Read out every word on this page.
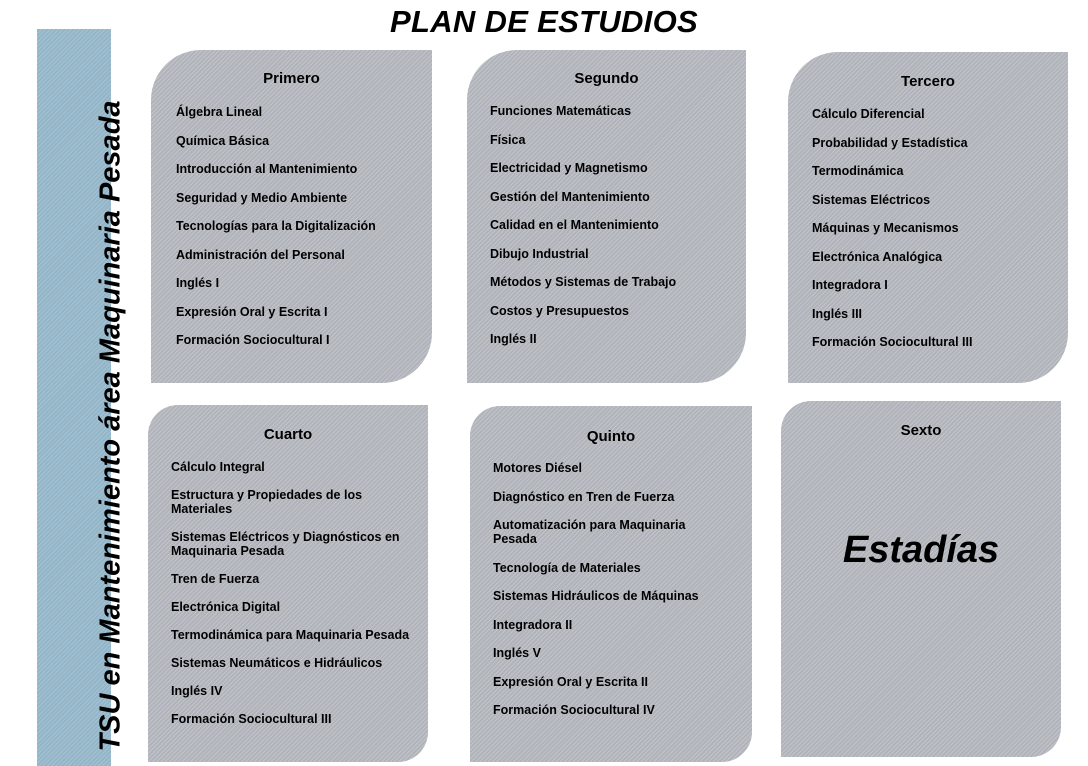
PLAN DE ESTUDIOS
TSU en Mantenimiento área Maquinaria Pesada
Primero
Álgebra Lineal
Química Básica
Introducción al Mantenimiento
Seguridad y Medio Ambiente
Tecnologías para la Digitalización
Administración del Personal
Inglés I
Expresión Oral y Escrita I
Formación Sociocultural I
Segundo
Funciones Matemáticas
Física
Electricidad y Magnetismo
Gestión del Mantenimiento
Calidad en el Mantenimiento
Dibujo Industrial
Métodos y Sistemas de Trabajo
Costos y Presupuestos
Inglés II
Tercero
Cálculo Diferencial
Probabilidad y Estadística
Termodinámica
Sistemas Eléctricos
Máquinas y Mecanismos
Electrónica Analógica
Integradora I
Inglés III
Formación Sociocultural III
Cuarto
Cálculo Integral
Estructura y Propiedades de los Materiales
Sistemas Eléctricos y Diagnósticos en Maquinaria Pesada
Tren de Fuerza
Electrónica Digital
Termodinámica para Maquinaria Pesada
Sistemas Neumáticos e Hidráulicos
Inglés IV
Formación Sociocultural III
Quinto
Motores Diésel
Diagnóstico en Tren de Fuerza
Automatización para Maquinaria Pesada
Tecnología de Materiales
Sistemas Hidráulicos de Máquinas
Integradora II
Inglés V
Expresión Oral y Escrita II
Formación Sociocultural IV
Sexto
Estadías
